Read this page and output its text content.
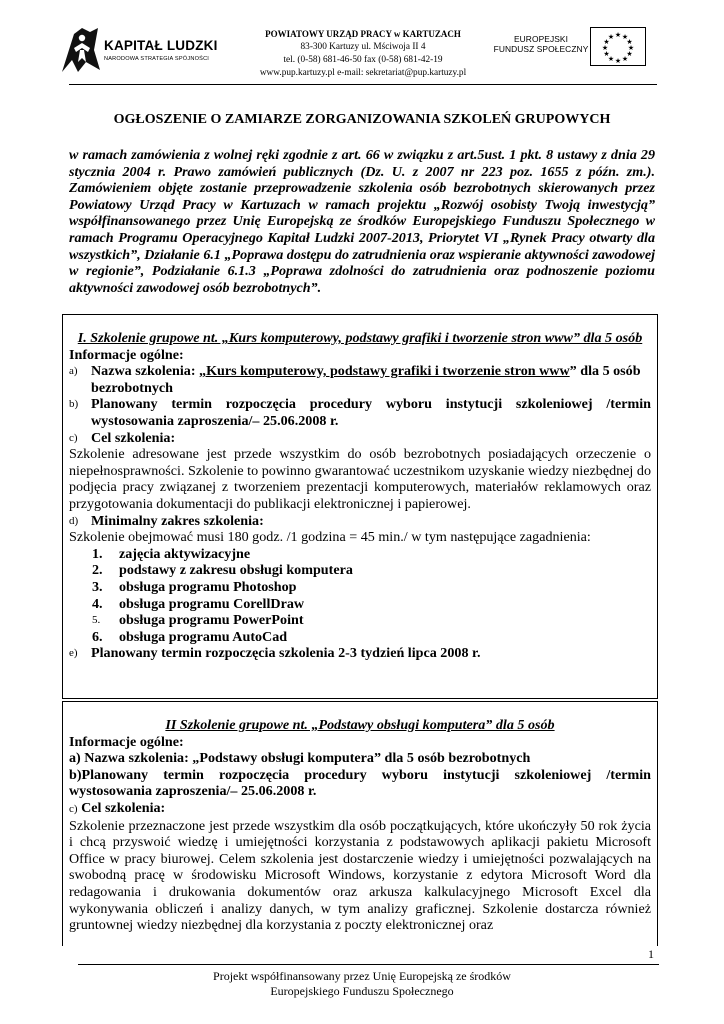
KAPITAŁ LUDZKI
NARODOWA STRATEGIA SPÓJNOŚCI
POWIATOWY URZĄD PRACY w KARTUZACH
83-300 Kartuzy ul. Mściwoja II 4
tel. (0-58) 681-46-50 fax (0-58) 681-42-19
www.pup.kartuzy.pl e-mail: sekretariat@pup.kartuzy.pl
EUROPEJSKI
FUNDUSZ SPOŁECZNY
★ ★
★
★
★
★
★
★
★
★
★
★
OGŁOSZENIE O ZAMIARZE ZORGANIZOWANIA SZKOLEŃ GRUPOWYCH
w ramach zamówienia z wolnej ręki zgodnie z art. 66 w związku z art.5ust. 1 pkt. 8 ustawy z dnia 29 stycznia 2004 r. Prawo zamówień publicznych (Dz. U. z 2007 nr 223 poz. 1655 z późn. zm.). Zamówieniem objęte zostanie przeprowadzenie szkolenia osób bezrobotnych skierowanych przez Powiatowy Urząd Pracy w Kartuzach w ramach projektu „Rozwój osobisty Twoją inwestycją” współfinansowanego przez Unię Europejską ze środków Europejskiego Funduszu Społecznego w ramach Programu Operacyjnego Kapitał Ludzki 2007-2013, Priorytet VI „Rynek Pracy otwarty dla wszystkich”, Działanie 6.1 „Poprawa dostępu do zatrudnienia oraz wspieranie aktywności zawodowej w regionie”, Podziałanie 6.1.3 „Poprawa zdolności do zatrudnienia oraz podnoszenie poziomu aktywności zawodowej osób bezrobotnych”.
I. Szkolenie grupowe nt. „Kurs komputerowy, podstawy grafiki i tworzenie stron www” dla 5 osób
Informacje ogólne:
a) Nazwa szkolenia: „Kurs komputerowy, podstawy grafiki i tworzenie stron www” dla 5 osób bezrobotnych
b) Planowany termin rozpoczęcia procedury wyboru instytucji szkoleniowej /termin wystosowania zaproszenia/– 25.06.2008 r.
c) Cel szkolenia:
Szkolenie adresowane jest przede wszystkim do osób bezrobotnych posiadających orzeczenie o niepełnosprawności. Szkolenie to powinno gwarantować uczestnikom uzyskanie wiedzy niezbędnej do podjęcia pracy związanej z tworzeniem prezentacji komputerowych, materiałów reklamowych oraz przygotowania dokumentacji do publikacji elektronicznej i papierowej.
d) Minimalny zakres szkolenia:
Szkolenie obejmować musi 180 godz. /1 godzina = 45 min./ w tym następujące zagadnienia:
1. zajęcia aktywizacyjne
2. podstawy z zakresu obsługi komputera
3. obsługa programu Photoshop
4. obsługa programu CorellDraw
5. obsługa programu PowerPoint
6. obsługa programu AutoCad
e) Planowany termin rozpoczęcia szkolenia 2-3 tydzień lipca 2008 r.
II Szkolenie grupowe nt. „Podstawy obsługi komputera” dla 5 osób
Informacje ogólne:
a) Nazwa szkolenia: „Podstawy obsługi komputera” dla 5 osób bezrobotnych
b)Planowany termin rozpoczęcia procedury wyboru instytucji szkoleniowej /termin wystosowania zaproszenia/– 25.06.2008 r.
c) Cel szkolenia:
Szkolenie przeznaczone jest przede wszystkim dla osób początkujących, które ukończyły 50 rok życia i chcą przyswoić wiedzę i umiejętności korzystania z podstawowych aplikacji pakietu Microsoft Office w pracy biurowej. Celem szkolenia jest dostarczenie wiedzy i umiejętności pozwalających na swobodną pracę w środowisku Microsoft Windows, korzystanie z edytora Microsoft Word dla redagowania i drukowania dokumentów oraz arkusza kalkulacyjnego Microsoft Excel dla wykonywania obliczeń i analizy danych, w tym analizy graficznej. Szkolenie dostarcza również gruntownej wiedzy niezbędnej dla korzystania z poczty elektronicznej oraz
1
Projekt współfinansowany przez Unię Europejską ze środków
Europejskiego Funduszu Społecznego
